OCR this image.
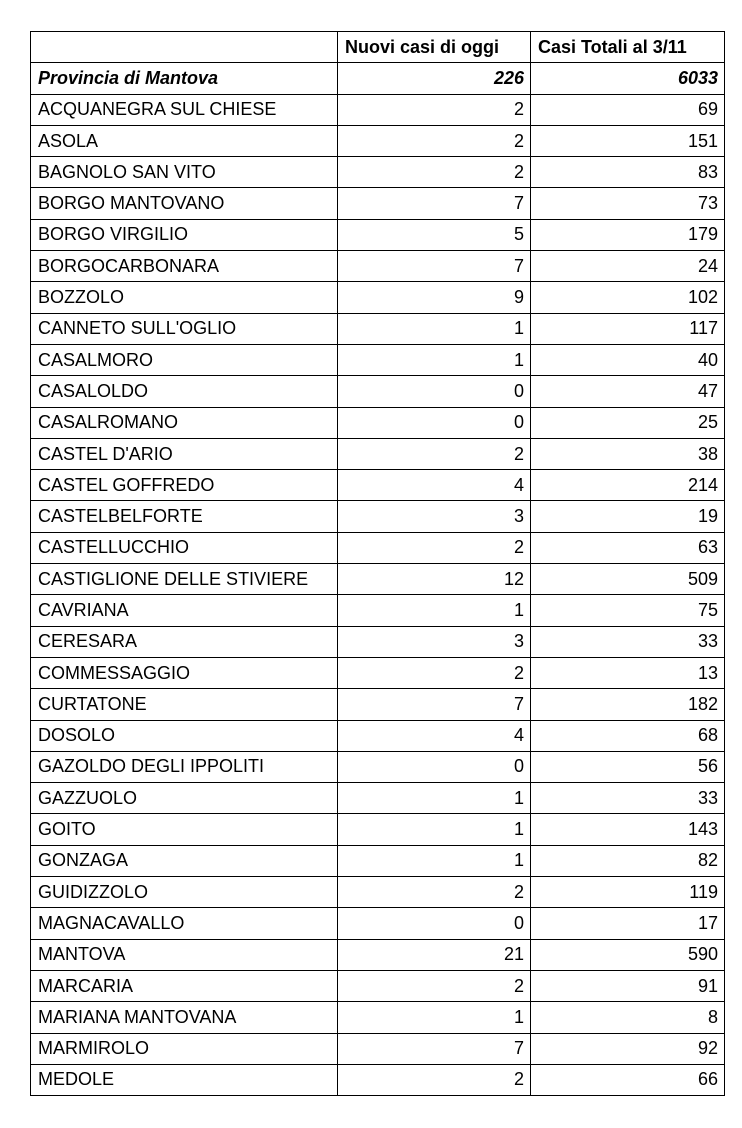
	Nuovi casi di oggi	Casi Totali al 3/11
Provincia di Mantova	226	6033
ACQUANEGRA SUL CHIESE	2	69
ASOLA	2	151
BAGNOLO SAN VITO	2	83
BORGO MANTOVANO	7	73
BORGO VIRGILIO	5	179
BORGOCARBONARA	7	24
BOZZOLO	9	102
CANNETO SULL'OGLIO	1	117
CASALMORO	1	40
CASALOLDO	0	47
CASALROMANO	0	25
CASTEL D'ARIO	2	38
CASTEL GOFFREDO	4	214
CASTELBELFORTE	3	19
CASTELLUCCHIO	2	63
CASTIGLIONE DELLE STIVIERE	12	509
CAVRIANA	1	75
CERESARA	3	33
COMMESSAGGIO	2	13
CURTATONE	7	182
DOSOLO	4	68
GAZOLDO DEGLI IPPOLITI	0	56
GAZZUOLO	1	33
GOITO	1	143
GONZAGA	1	82
GUIDIZZOLO	2	119
MAGNACAVALLO	0	17
MANTOVA	21	590
MARCARIA	2	91
MARIANA MANTOVANA	1	8
MARMIROLO	7	92
MEDOLE	2	66
